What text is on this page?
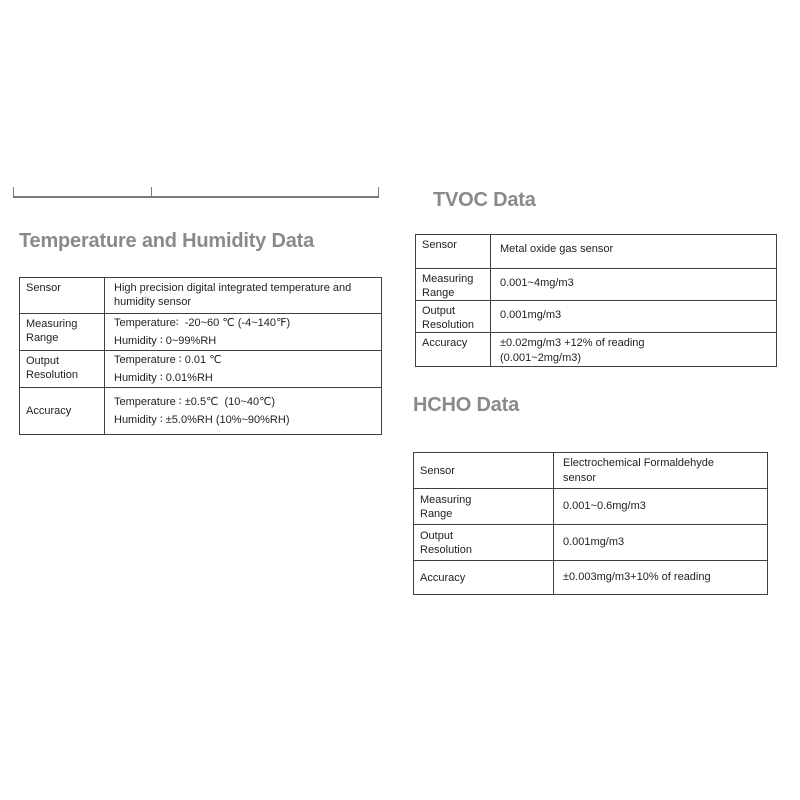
Temperature and Humidity Data
Sensor	High precision digital integrated temperature and humidity sensor

Measuring Range	Temperature∶  -20~60 ℃ (-4~140℉)
Humidity ∶ 0~99%RH

Output Resolution	Temperature ∶ 0.01 ℃
Humidity ∶ 0.01%RH

Accuracy	Temperature ∶ ±0.5℃  (10~40℃)
Humidity ∶ ±5.0%RH (10%~90%RH)
TVOC Data
Sensor	Metal oxide gas sensor

Measuring Range	0.001~4mg/m3

Output Resolution	0.001mg/m3

Accuracy	±0.02mg/m3 +12% of reading
(0.001~2mg/m3)
HCHO Data
Sensor	Electrochemical Formaldehyde
sensor

Measuring Range	0.001~0.6mg/m3

Output Resolution	0.001mg/m3

Accuracy	±0.003mg/m3+10% of reading
